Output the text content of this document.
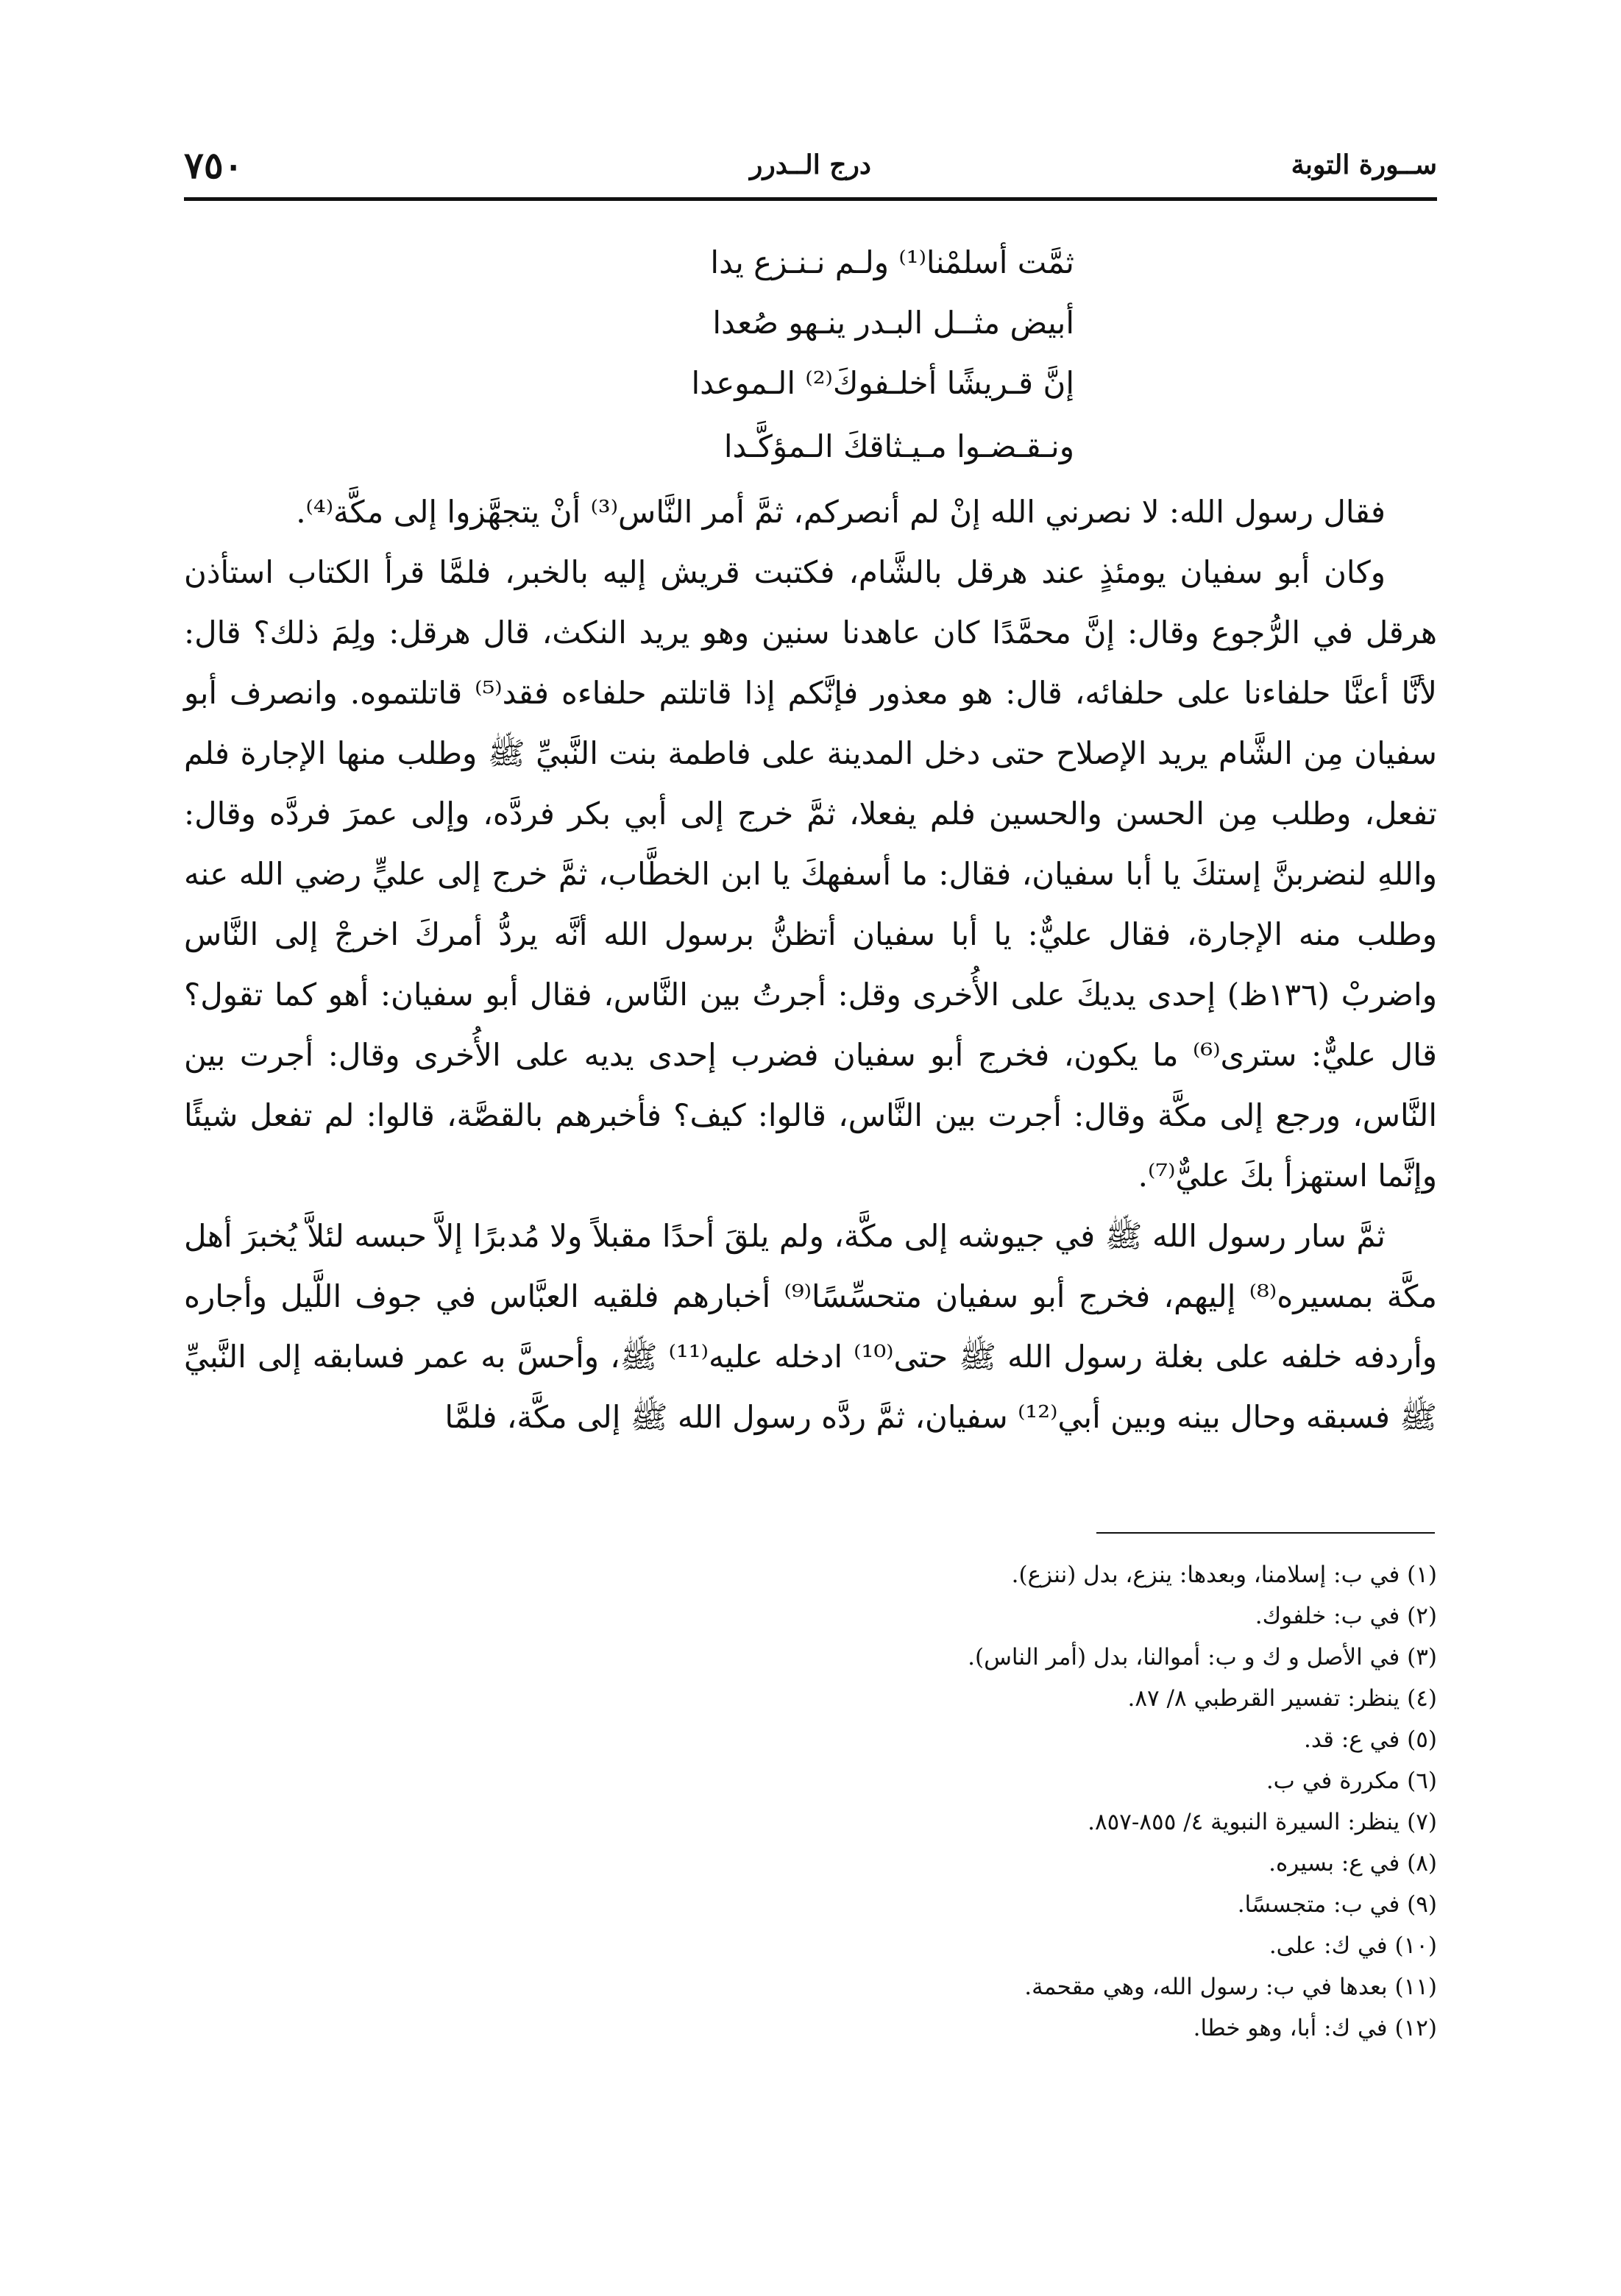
٧٥٠	درج الــدرر	ســورة التوبة
ثمَّت أسلمْنا⁽¹⁾ ولـم نـنـزع يدا
أبيض مثــل البـدر ينـهو صُعدا
إنَّ قـريشًا أخلـفوكَ⁽²⁾ الـموعدا
ونـقـضـوا مـيـثاقكَ الـمؤكَّـدا

فقال رسول الله: لا نصرني الله إنْ لم أنصركم، ثمَّ أمر النَّاس⁽³⁾ أنْ يتجهَّزوا إلى مكَّة⁽⁴⁾.

وكان أبو سفيان يومئذٍ عند هرقل بالشَّام، فكتبت قريش إليه بالخبر، فلمَّا قرأ الكتاب استأذن هرقل في الرُّجوع وقال: إنَّ محمَّدًا كان عاهدنا سنين وهو يريد النكث، قال هرقل: ولِمَ ذلك؟ قال: لأنَّا أعنَّا حلفاءنا على حلفائه، قال: هو معذور فإنَّكم إذا قاتلتم حلفاءه فقد⁽⁵⁾ قاتلتموه. وانصرف أبو سفيان مِن الشَّام يريد الإصلاح حتى دخل المدينة على فاطمة بنت النَّبيِّ ﷺ وطلب منها الإجارة فلم تفعل، وطلب مِن الحسن والحسين فلم يفعلا، ثمَّ خرج إلى أبي بكر فردَّه، وإلى عمرَ فردَّه وقال: واللهِ لنضربنَّ إستكَ يا أبا سفيان، فقال: ما أسفهكَ يا ابن الخطَّاب، ثمَّ خرج إلى عليٍّ رضي الله عنه وطلب منه الإجارة، فقال عليٌّ: يا أبا سفيان أتظنُّ برسول الله أنَّه يردُّ أمركَ اخرجْ إلى النَّاس واضربْ (١٣٦ظ) إحدى يديكَ على الأُخرى وقل: أجرتُ بين النَّاس، فقال أبو سفيان: أهو كما تقول؟ قال عليٌّ: ستری⁽⁶⁾ ما يكون، فخرج أبو سفيان فضرب إحدى يديه على الأُخرى وقال: أجرت بين النَّاس، ورجع إلى مكَّة وقال: أجرت بين النَّاس، قالوا: كيف؟ فأخبرهم بالقصَّة، قالوا: لم تفعل شيئًا وإنَّما استهزأ بكَ عليٌّ⁽⁷⁾.

ثمَّ سار رسول الله ﷺ في جيوشه إلى مكَّة، ولم يلقَ أحدًا مقبلاً ولا مُدبرًا إلاَّ حبسه لئلاَّ يُخبرَ أهل مكَّة بمسيره⁽⁸⁾ إليهم، فخرج أبو سفيان متحسِّسًا⁽⁹⁾ أخبارهم فلقيه العبَّاس في جوف اللَّيل وأجاره وأردفه خلفه على بغلة رسول الله ﷺ حتى⁽¹⁰⁾ ادخله عليه⁽¹¹⁾ ﷺ، وأحسَّ به عمر فسابقه إلى النَّبيِّ ﷺ فسبقه وحال بينه وبين أبي⁽¹²⁾ سفيان، ثمَّ ردَّه رسول الله ﷺ إلى مكَّة، فلمَّا

(١) في ب: إسلامنا، وبعدها: ينزع، بدل (ننزع).
(٢) في ب: خلفوك.
(٣) في الأصل و ك و ب: أموالنا، بدل (أمر الناس).
(٤) ينظر: تفسير القرطبي ٨/ ٨٧.
(٥) في ع: قد.
(٦) مكررة في ب.
(٧) ينظر: السيرة النبوية ٤/ ٨٥٥-٨٥٧.
(٨) في ع: بسيره.
(٩) في ب: متجسسًا.
(١٠) في ك: على.
(١١) بعدها في ب: رسول الله، وهي مقحمة.
(١٢) في ك: أبا، وهو خطا.
